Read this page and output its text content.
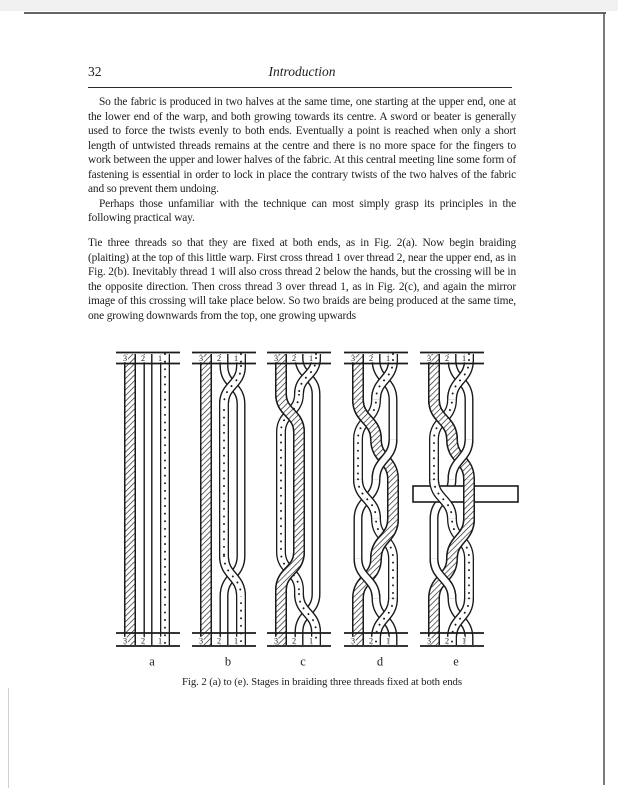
32	Introduction

So the fabric is produced in two halves at the same time, one starting at the upper end, one at the lower end of the warp, and both growing towards its centre. A sword or beater is generally used to force the twists evenly to both ends. Eventually a point is reached when only a short length of untwisted threads remains at the centre and there is no more space for the fingers to work between the upper and lower halves of the fabric. At this central meeting line some form of fastening is essential in order to lock in place the contrary twists of the two halves of the fabric and so prevent them undoing.

Perhaps those unfamiliar with the technique can most simply grasp its principles in the following practical way.

Tie three threads so that they are fixed at both ends, as in Fig. 2(a). Now begin braiding (plaiting) at the top of this little warp. First cross thread 1 over thread 2, near the upper end, as in Fig. 2(b). Inevitably thread 1 will also cross thread 2 below the hands, but the crossing will be in the opposite direction. Then cross thread 3 over thread 1, as in Fig. 2(c), and again the mirror image of this crossing will take place below. So two braids are being produced at the same time, one growing downwards from the top, one growing upwards

3
3
2
2
1
1
a
3
3
2
2
1
1
b
3
3
2
2
1
1
c
3
3
2
2
1
1
d
3
3
2
2
1
1
e
Fig. 2 (a) to (e). Stages in braiding three threads fixed at both ends
